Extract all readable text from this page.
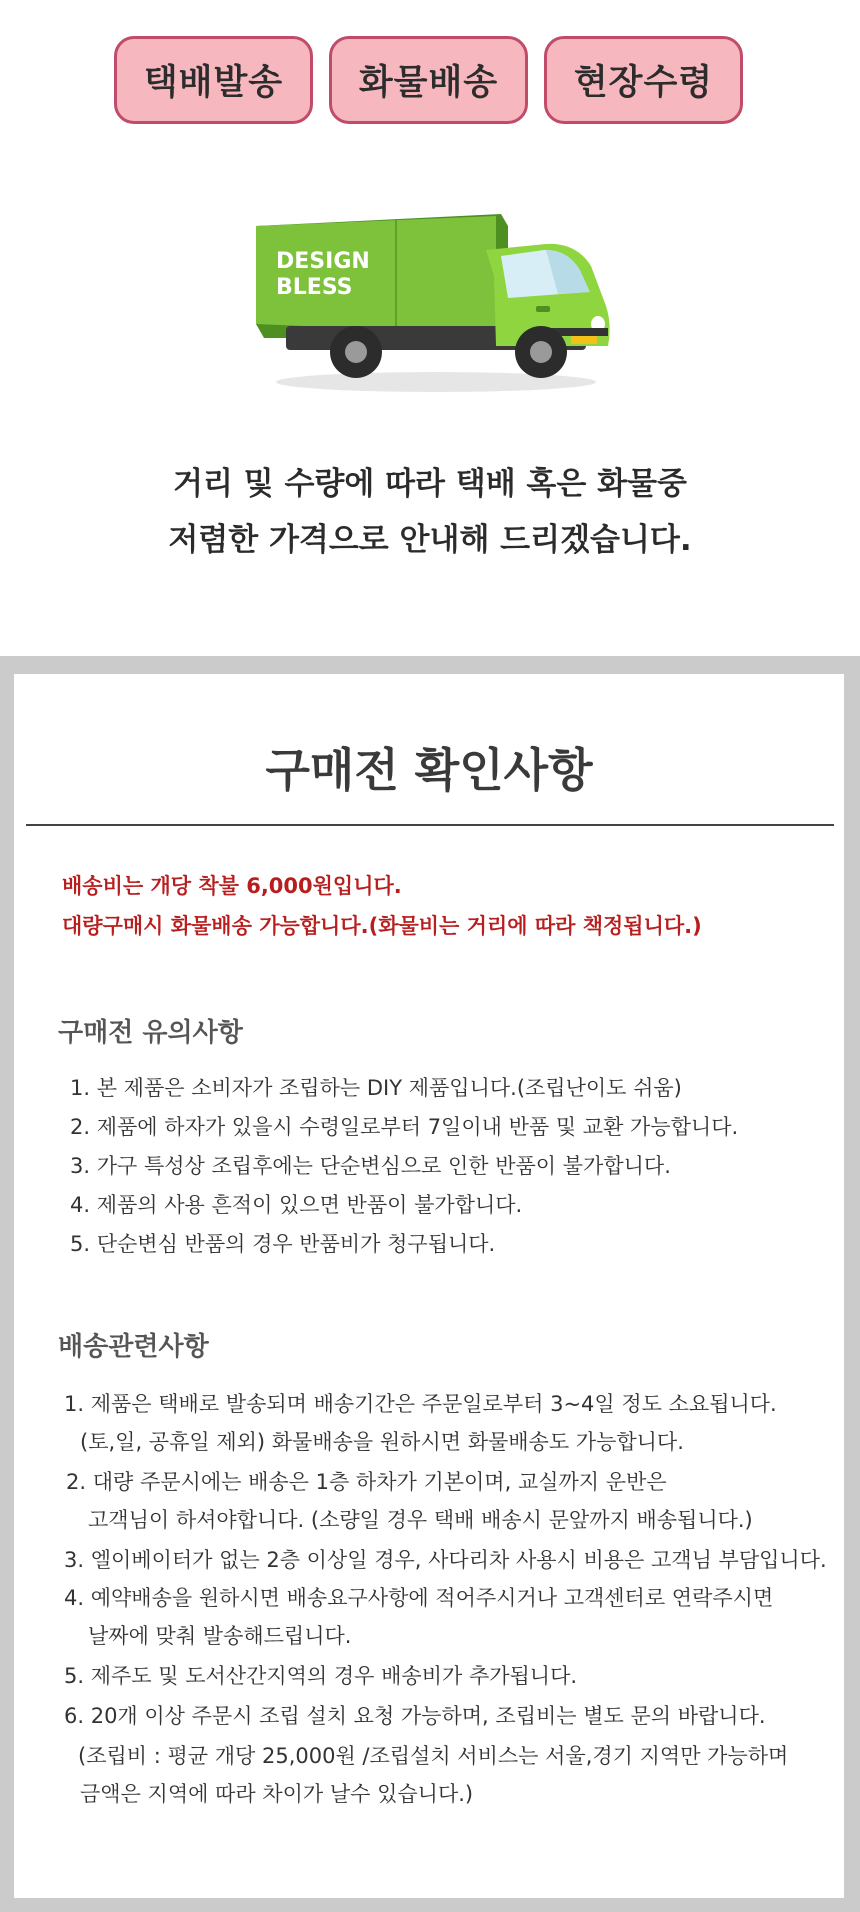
택배발송	화물배송	현장수령
DESIGN
BLESS
거리 및 수량에 따라 택배 혹은 화물중
저렴한 가격으로 안내해 드리겠습니다.
구매전 확인사항
배송비는 개당 착불 6,000원입니다.
대량구매시 화물배송 가능합니다.(화물비는 거리에 따라 책정됩니다.)
구매전 유의사항
1. 본 제품은 소비자가 조립하는 DIY 제품입니다.(조립난이도 쉬움)
2. 제품에 하자가 있을시 수령일로부터 7일이내 반품 및 교환 가능합니다.
3. 가구 특성상 조립후에는 단순변심으로 인한 반품이 불가합니다.
4. 제품의 사용 흔적이 있으면 반품이 불가합니다.
5. 단순변심 반품의 경우 반품비가 청구됩니다.
배송관련사항
1. 제품은 택배로 발송되며 배송기간은 주문일로부터 3~4일 정도 소요됩니다.
(토,일, 공휴일 제외) 화물배송을 원하시면 화물배송도 가능합니다.
2. 대량 주문시에는 배송은 1층 하차가 기본이며, 교실까지 운반은
고객님이 하셔야합니다. (소량일 경우 택배 배송시 문앞까지 배송됩니다.)
3. 엘이베이터가 없는 2층 이상일 경우, 사다리차 사용시 비용은 고객님 부담입니다.
4. 예약배송을 원하시면 배송요구사항에 적어주시거나 고객센터로 연락주시면
날짜에 맞춰 발송해드립니다.
5. 제주도 및 도서산간지역의 경우 배송비가 추가됩니다.
6. 20개 이상 주문시 조립 설치 요청 가능하며, 조립비는 별도 문의 바랍니다.
(조립비 : 평균 개당 25,000원 /조립설치 서비스는 서울,경기 지역만 가능하며
금액은 지역에 따라 차이가 날수 있습니다.)
